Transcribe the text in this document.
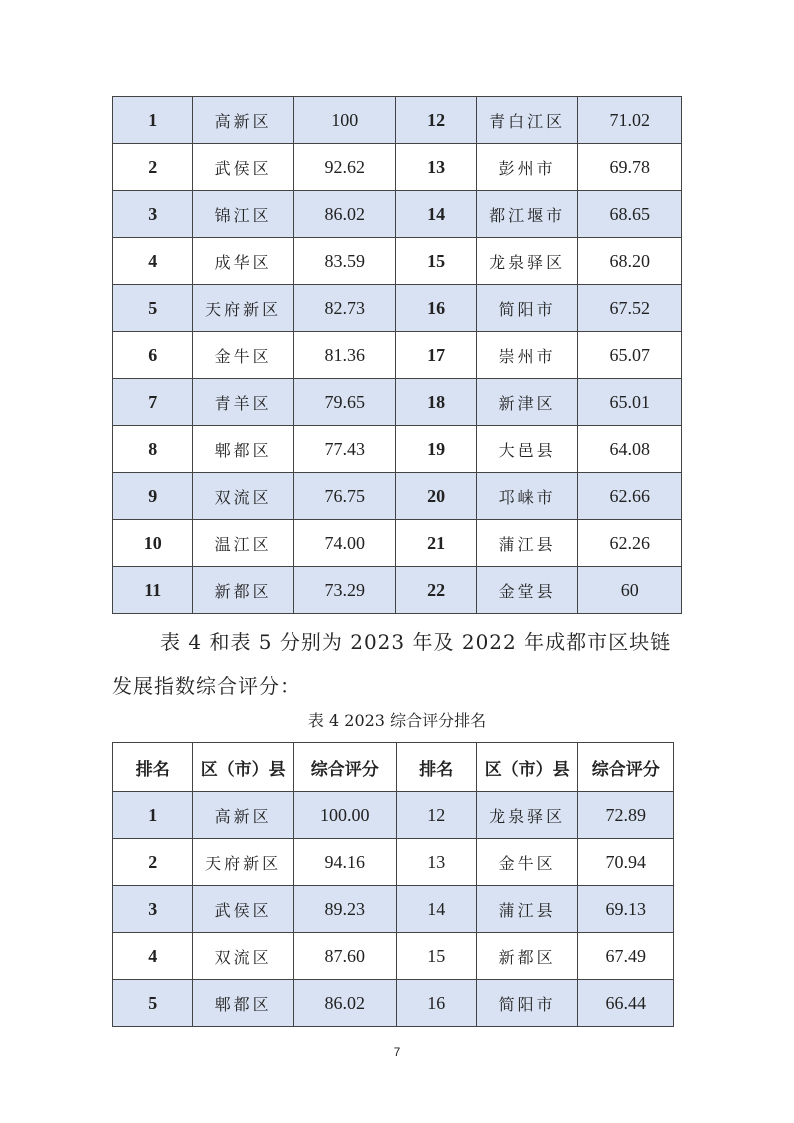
1	高新区	100	12	青白江区	71.02
2	武侯区	92.62	13	彭州市	69.78
3	锦江区	86.02	14	都江堰市	68.65
4	成华区	83.59	15	龙泉驿区	68.20
5	天府新区	82.73	16	简阳市	67.52
6	金牛区	81.36	17	崇州市	65.07
7	青羊区	79.65	18	新津区	65.01
8	郫都区	77.43	19	大邑县	64.08
9	双流区	76.75	20	邛崃市	62.66
10	温江区	74.00	21	蒲江县	62.26
11	新都区	73.29	22	金堂县	60
表 4 和表 5 分别为 2023 年及 2022 年成都市区块链发展指数综合评分：
表 4 2023 综合评分排名
排名	区（市）县	综合评分	排名	区（市）县	综合评分
1	高新区	100.00	12	龙泉驿区	72.89
2	天府新区	94.16	13	金牛区	70.94
3	武侯区	89.23	14	蒲江县	69.13
4	双流区	87.60	15	新都区	67.49
5	郫都区	86.02	16	简阳市	66.44
7
